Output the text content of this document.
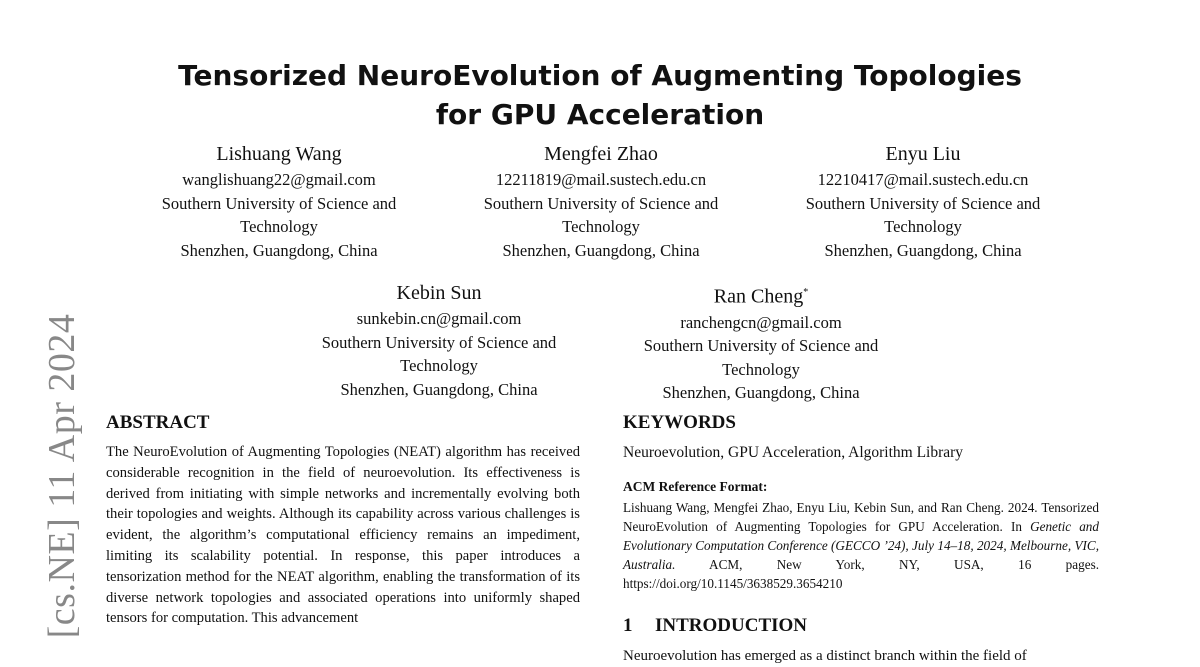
Tensorized NeuroEvolution of Augmenting Topologies
for GPU Acceleration
Lishuang Wang
wanglishuang22@gmail.com
Southern University of Science and
Technology
Shenzhen, Guangdong, China
Mengfei Zhao
12211819@mail.sustech.edu.cn
Southern University of Science and
Technology
Shenzhen, Guangdong, China
Enyu Liu
12210417@mail.sustech.edu.cn
Southern University of Science and
Technology
Shenzhen, Guangdong, China
Kebin Sun
sunkebin.cn@gmail.com
Southern University of Science and
Technology
Shenzhen, Guangdong, China
Ran Cheng*
ranchengcn@gmail.com
Southern University of Science and
Technology
Shenzhen, Guangdong, China
[cs.NE] 11 Apr 2024 ABSTRACT

The NeuroEvolution of Augmenting Topologies (NEAT) algorithm has received considerable recognition in the field of neuroevolution. Its effectiveness is derived from initiating with simple networks and incrementally evolving both their topologies and weights. Although its capability across various challenges is evident, the algorithm’s computational efficiency remains an impediment, limiting its scalability potential. In response, this paper introduces a tensorization method for the NEAT algorithm, enabling the transformation of its diverse network topologies and associated operations into uniformly shaped tensors for computation. This advancement

KEYWORDS

Neuroevolution, GPU Acceleration, Algorithm Library

ACM Reference Format:

Lishuang Wang, Mengfei Zhao, Enyu Liu, Kebin Sun, and Ran Cheng. 2024. Tensorized NeuroEvolution of Augmenting Topologies for GPU Acceleration. In Genetic and Evolutionary Computation Conference (GECCO ’24), July 14–18, 2024, Melbourne, VIC, Australia. ACM, New York, NY, USA, 16 pages. https://doi.org/10.1145/3638529.3654210

1 INTRODUCTION

Neuroevolution has emerged as a distinct branch within the field of
